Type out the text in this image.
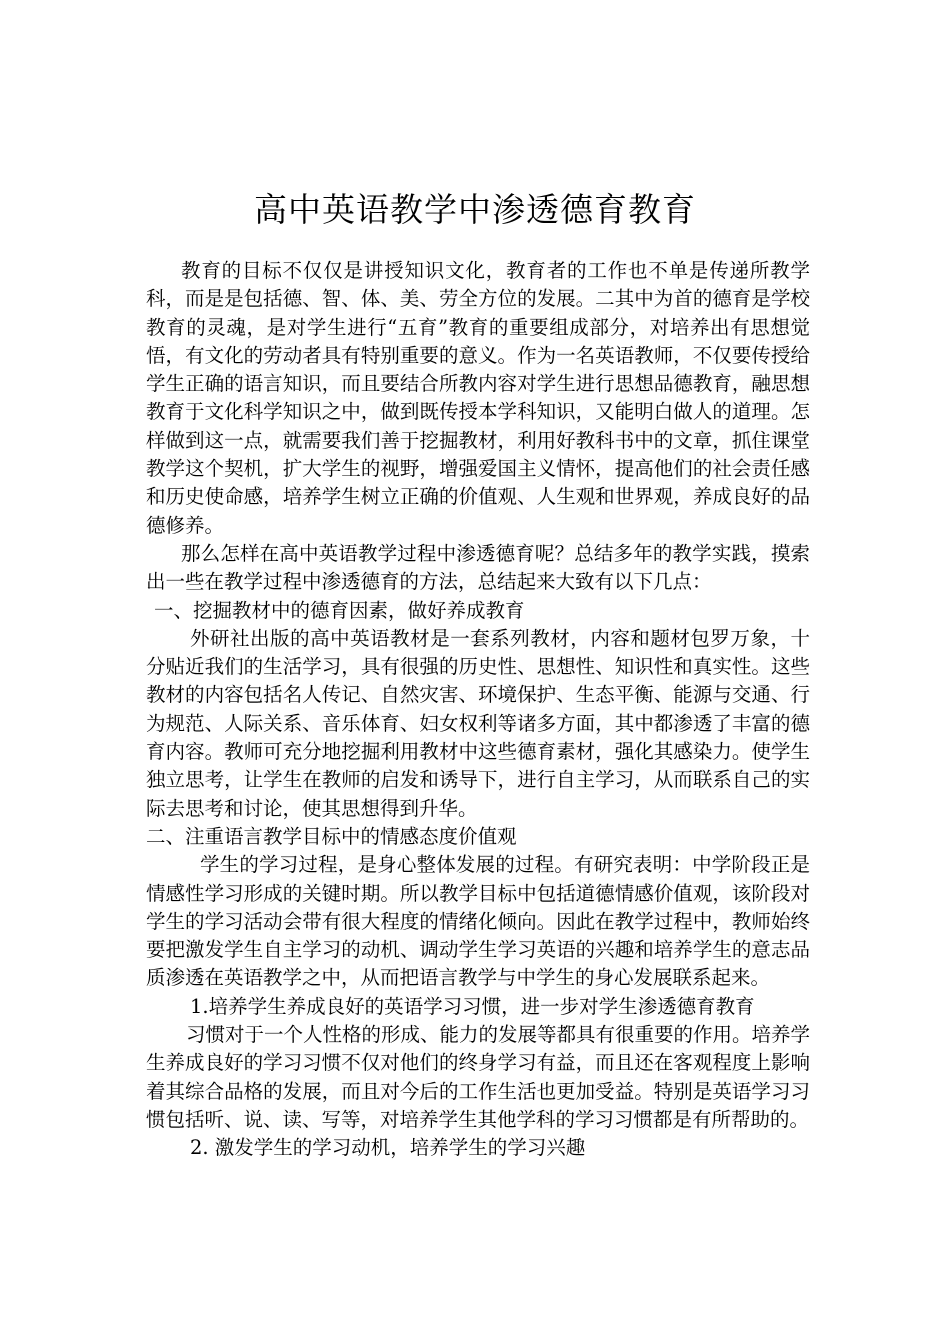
高中英语教学中渗透德育教育

教育的目标不仅仅是讲授知识文化，教育者的工作也不单是传递所教学科，而是是包括德、智、体、美、劳全方位的发展。二其中为首的德育是学校教育的灵魂，是对学生进行“五育”教育的重要组成部分，对培养出有思想觉悟，有文化的劳动者具有特别重要的意义。作为一名英语教师，不仅要传授给学生正确的语言知识，而且要结合所教内容对学生进行思想品德教育，融思想教育于文化科学知识之中，做到既传授本学科知识，又能明白做人的道理。怎样做到这一点，就需要我们善于挖掘教材，利用好教科书中的文章，抓住课堂教学这个契机，扩大学生的视野，增强爱国主义情怀，提高他们的社会责任感和历史使命感，培养学生树立正确的价值观、人生观和世界观，养成良好的品德修养。

那么怎样在高中英语教学过程中渗透德育呢？总结多年的教学实践，摸索出一些在教学过程中渗透德育的方法，总结起来大致有以下几点：

一、挖掘教材中的德育因素，做好养成教育

外研社出版的高中英语教材是一套系列教材，内容和题材包罗万象，十分贴近我们的生活学习，具有很强的历史性、思想性、知识性和真实性。这些教材的内容包括名人传记、自然灾害、环境保护、生态平衡、能源与交通、行为规范、人际关系、音乐体育、妇女权利等诸多方面，其中都渗透了丰富的德育内容。教师可充分地挖掘利用教材中这些德育素材，强化其感染力。使学生独立思考，让学生在教师的启发和诱导下，进行自主学习，从而联系自己的实际去思考和讨论，使其思想得到升华。

二、注重语言教学目标中的情感态度价值观

学生的学习过程，是身心整体发展的过程。有研究表明：中学阶段正是情感性学习形成的关键时期。所以教学目标中包括道德情感价值观，该阶段对学生的学习活动会带有很大程度的情绪化倾向。因此在教学过程中，教师始终要把激发学生自主学习的动机、调动学生学习英语的兴趣和培养学生的意志品质渗透在英语教学之中，从而把语言教学与中学生的身心发展联系起来。

1.培养学生养成良好的英语学习习惯，进一步对学生渗透德育教育

习惯对于一个人性格的形成、能力的发展等都具有很重要的作用。培养学生养成良好的学习习惯不仅对他们的终身学习有益，而且还在客观程度上影响着其综合品格的发展，而且对今后的工作生活也更加受益。特别是英语学习习惯包括听、说、读、写等，对培养学生其他学科的学习习惯都是有所帮助的。

2. 激发学生的学习动机，培养学生的学习兴趣
